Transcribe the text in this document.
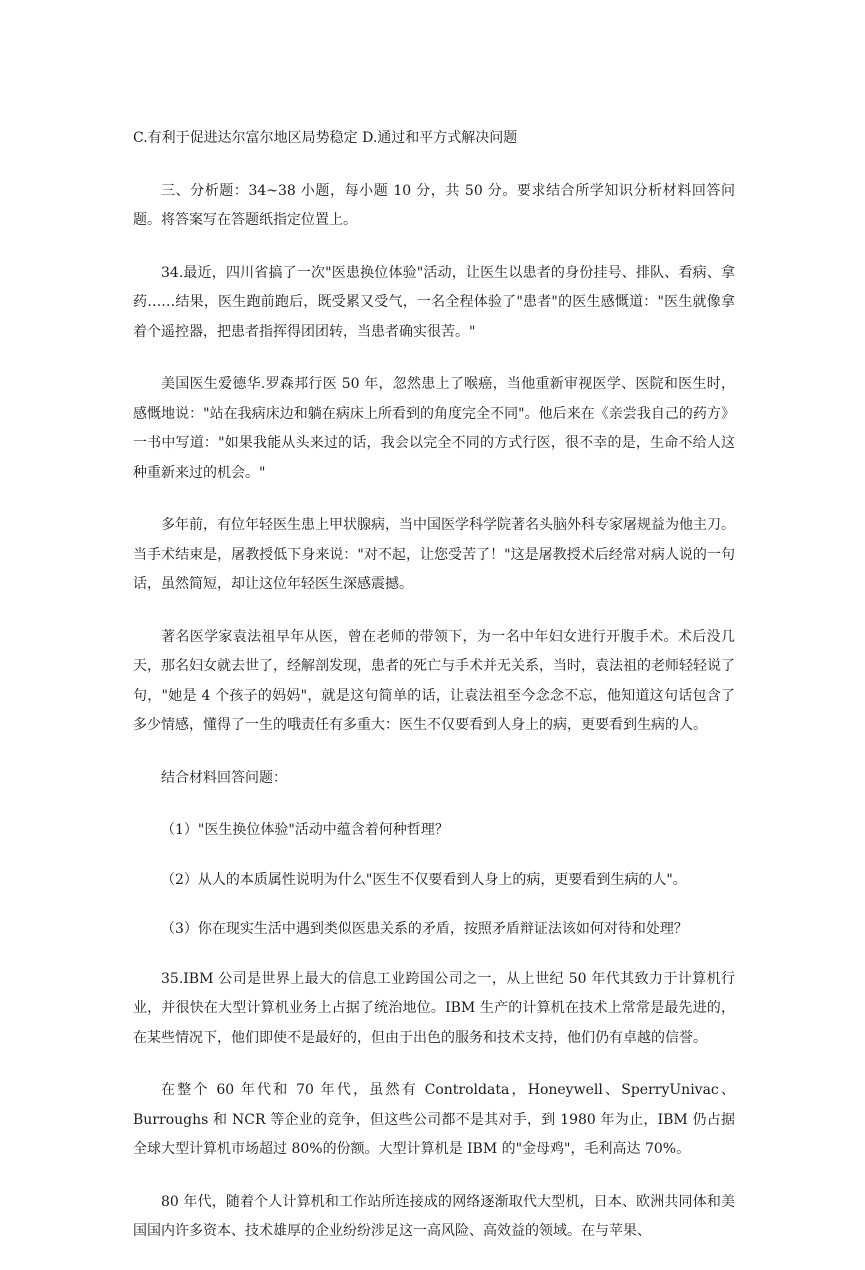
C.有利于促进达尔富尔地区局势稳定 D.通过和平方式解决问题

三、分析题：34~38 小题，每小题 10 分，共 50 分。要求结合所学知识分析材料回答问题。将答案写在答题纸指定位置上。

34.最近，四川省搞了一次"医患换位体验"活动，让医生以患者的身份挂号、排队、看病、拿药……结果，医生跑前跑后，既受累又受气，一名全程体验了"患者"的医生感慨道："医生就像拿着个遥控器，把患者指挥得团团转，当患者确实很苦。"

美国医生爱德华.罗森邦行医 50 年，忽然患上了喉癌，当他重新审视医学、医院和医生时，感慨地说："站在我病床边和躺在病床上所看到的角度完全不同"。他后来在《亲尝我自己的药方》一书中写道："如果我能从头来过的话，我会以完全不同的方式行医，很不幸的是，生命不给人这种重新来过的机会。"

多年前，有位年轻医生患上甲状腺病，当中国医学科学院著名头脑外科专家屠规益为他主刀。当手术结束是，屠教授低下身来说："对不起，让您受苦了！"这是屠教授术后经常对病人说的一句话，虽然简短，却让这位年轻医生深感震撼。

著名医学家袁法祖早年从医，曾在老师的带领下，为一名中年妇女进行开腹手术。术后没几天，那名妇女就去世了，经解剖发现，患者的死亡与手术并无关系，当时，袁法祖的老师轻轻说了句，"她是 4 个孩子的妈妈"，就是这句简单的话，让袁法祖至今念念不忘，他知道这句话包含了多少情感，懂得了一生的哦责任有多重大：医生不仅要看到人身上的病，更要看到生病的人。

结合材料回答问题：

（1）"医生换位体验"活动中蕴含着何种哲理？

（2）从人的本质属性说明为什么"医生不仅要看到人身上的病，更要看到生病的人"。

（3）你在现实生活中遇到类似医患关系的矛盾，按照矛盾辩证法该如何对待和处理？

35.IBM 公司是世界上最大的信息工业跨国公司之一，从上世纪 50 年代其致力于计算机行业，并很快在大型计算机业务上占据了统治地位。IBM 生产的计算机在技术上常常是最先进的，在某些情况下，他们即使不是最好的，但由于出色的服务和技术支持，他们仍有卓越的信誉。

在整个 60 年代和 70 年代，虽然有 Controldata，Honeywell、SperryUnivac、Burroughs 和 NCR 等企业的竞争，但这些公司都不是其对手，到 1980 年为止，IBM 仍占据全球大型计算机市场超过 80%的份额。大型计算机是 IBM 的"金母鸡"，毛利高达 70%。

80 年代，随着个人计算机和工作站所连接成的网络逐渐取代大型机，日本、欧洲共同体和美国国内许多资本、技术雄厚的企业纷纷涉足这一高风险、高效益的领域。在与苹果、
